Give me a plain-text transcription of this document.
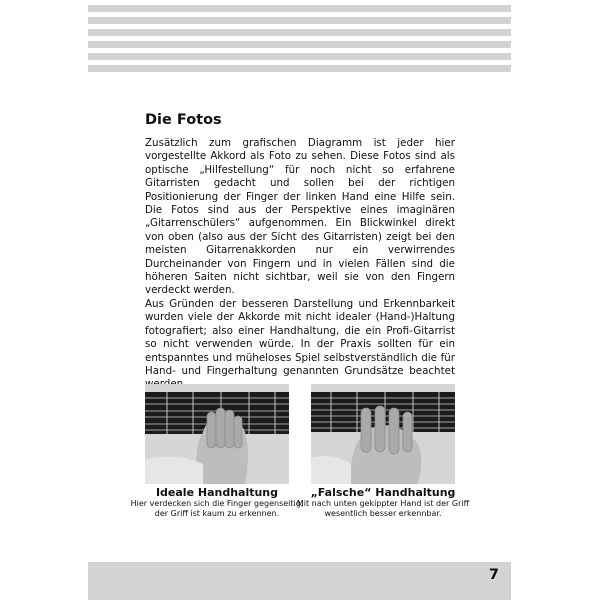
Die Fotos

Zusätzlich zum grafischen Diagramm ist jeder hier vorgestellte Akkord als Foto zu sehen. Diese Fotos sind als optische „Hilfestellung“ für noch nicht so erfahrene Gitarristen gedacht und sollen bei der richtigen Positionierung der Finger der linken Hand eine Hilfe sein. Die Fotos sind aus der Perspektive eines imaginären „Gitarrenschülers“ aufgenommen. Ein Blickwinkel direkt von oben (also aus der Sicht des Gitarristen) zeigt bei den meisten Gitarrenakkorden nur ein verwirrendes Durcheinander von Fingern und in vielen Fällen sind die höheren Saiten nicht sichtbar, weil sie von den Fingern verdeckt werden.

Aus Gründen der besseren Darstellung und Erkennbarkeit wurden viele der Akkorde mit nicht idealer (Hand-)Haltung fotografiert; also einer Handhaltung, die ein Profi-Gitarrist so nicht verwenden würde. In der Praxis sollten für ein entspanntes und müheloses Spiel selbstverständlich die für Hand- und Fingerhaltung genannten Grundsätze beachtet

Ideale Handhaltung
Hier verdecken sich die Finger gegenseitig,
der Griff ist kaum zu erkennen.
„Falsche“ Handhaltung
Mit nach unten gekippter Hand ist der Griff
wesentlich besser erkennbar.
7
